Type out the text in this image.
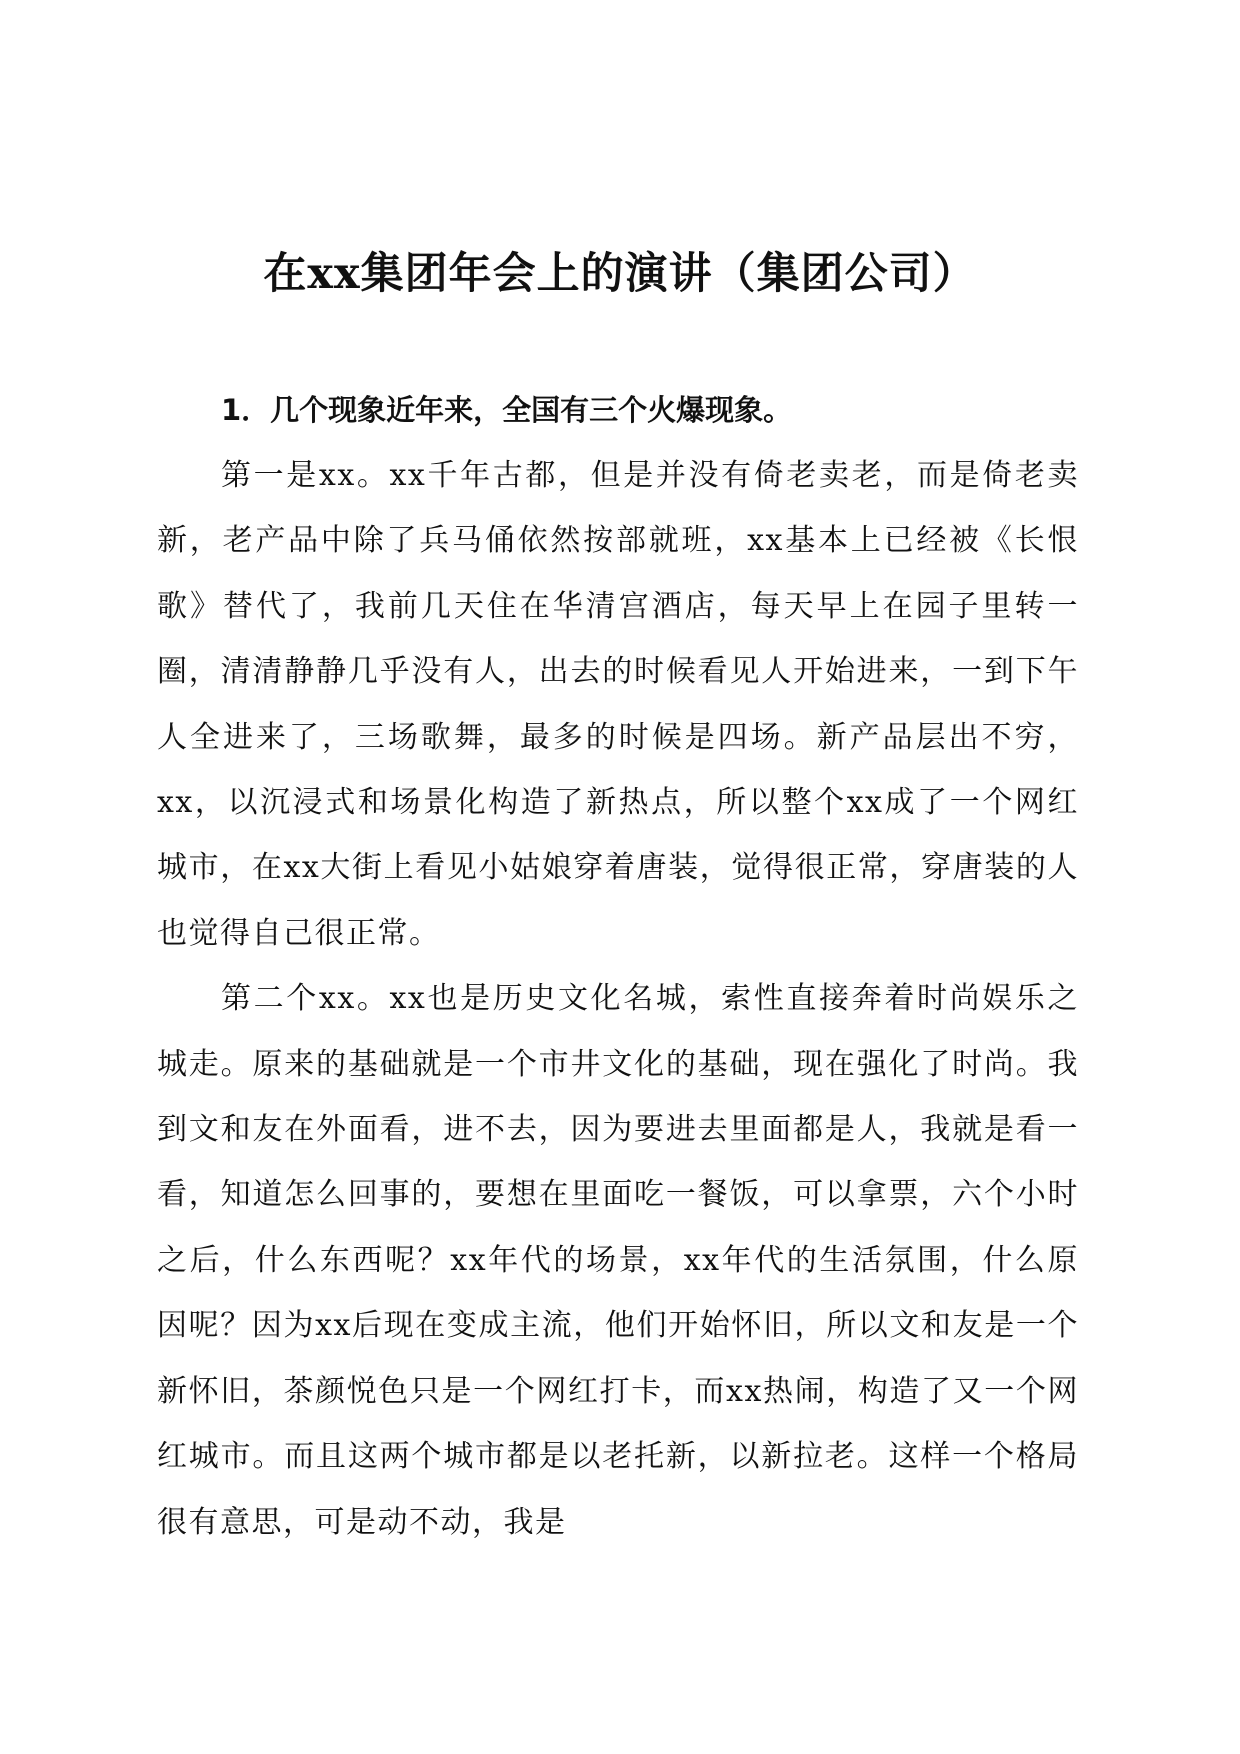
在xx集团年会上的演讲（集团公司）

1．几个现象近年来，全国有三个火爆现象。

第一是xx。xx千年古都，但是并没有倚老卖老，而是倚老卖新，老产品中除了兵马俑依然按部就班，xx基本上已经被《长恨歌》替代了，我前几天住在华清宫酒店，每天早上在园子里转一圈，清清静静几乎没有人，出去的时候看见人开始进来，一到下午人全进来了，三场歌舞，最多的时候是四场。新产品层出不穷，xx，以沉浸式和场景化构造了新热点，所以整个xx成了一个网红城市，在xx大街上看见小姑娘穿着唐装，觉得很正常，穿唐装的人也觉得自己很正常。

第二个xx。xx也是历史文化名城，索性直接奔着时尚娱乐之城走。原来的基础就是一个市井文化的基础，现在强化了时尚。我到文和友在外面看，进不去，因为要进去里面都是人，我就是看一看，知道怎么回事的，要想在里面吃一餐饭，可以拿票，六个小时之后，什么东西呢？xx年代的场景，xx年代的生活氛围，什么原因呢？因为xx后现在变成主流，他们开始怀旧，所以文和友是一个新怀旧，茶颜悦色只是一个网红打卡，而xx热闹，构造了又一个网红城市。而且这两个城市都是以老托新，以新拉老。这样一个格局很有意思，可是动不动，我是
